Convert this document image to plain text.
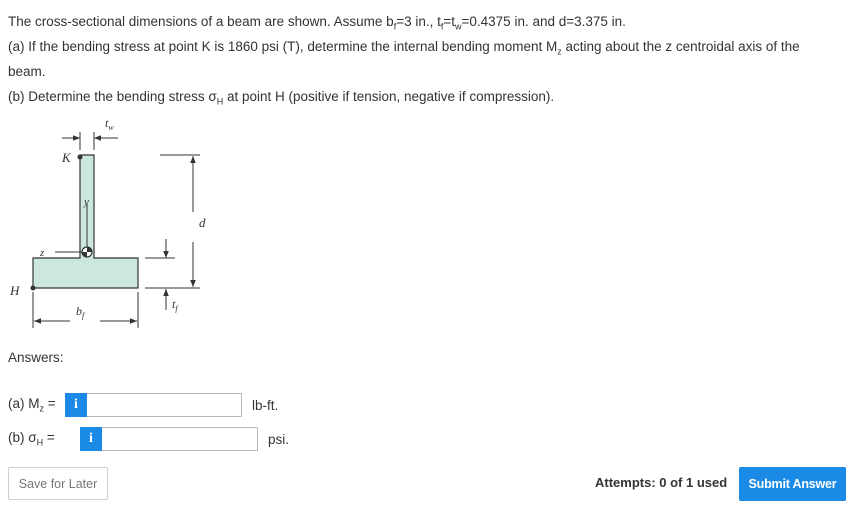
The cross-sectional dimensions of a beam are shown. Assume $b_f=3$ in., $t_f=t_w=0.4375$ in. and d=3.375 in.

(a) If the bending stress at point K is 1860 psi (T), determine the internal bending moment $M_z$ acting about the z centroidal axis of the

beam.

(b) Determine the bending stress $\sigma_H$ at point H (positive if tension, negative if compression).

K
H
y
z
$t_w$
d
$t_f$
$b_f$
Answers:
(a) $M_z$ =	i	lb-ft.
(b) $\sigma_H$ =	i	psi.
Save for Later	Attempts: 0 of 1 used	Submit Answer
